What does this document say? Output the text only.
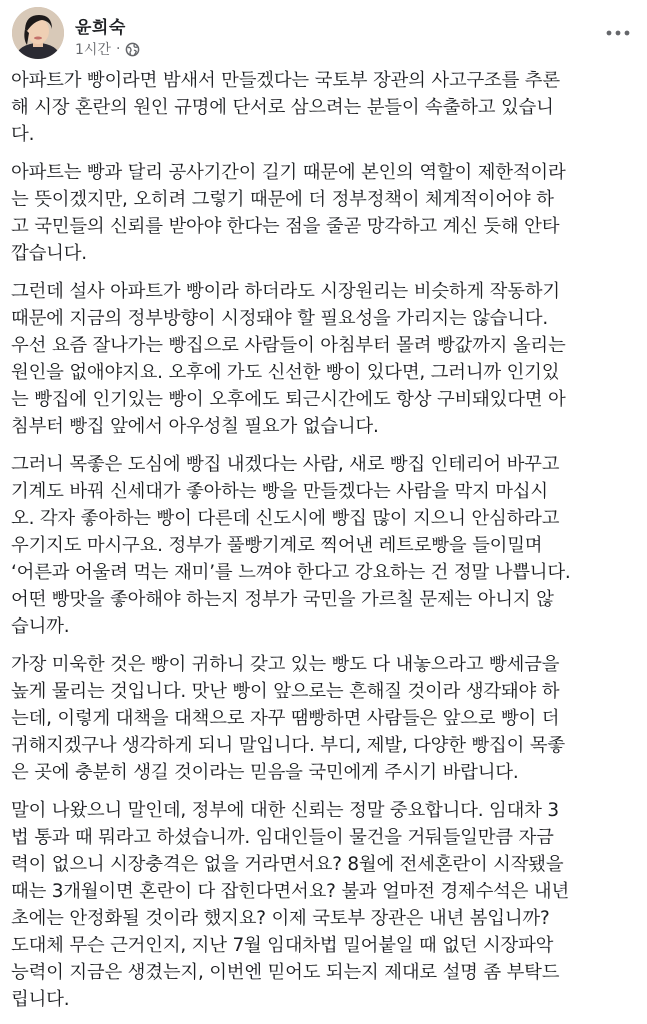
윤희숙
1시간 ·

아파트가 빵이라면 밤새서 만들겠다는 국토부 장관의 사고구조를 추론
해 시장 혼란의 원인 규명에 단서로 삼으려는 분들이 속출하고 있습니
다.

아파트는 빵과 달리 공사기간이 길기 때문에 본인의 역할이 제한적이라
는 뜻이겠지만, 오히려 그렇기 때문에 더 정부정책이 체계적이어야 하
고 국민들의 신뢰를 받아야 한다는 점을 줄곧 망각하고 계신 듯해 안타
깝습니다.

그런데 설사 아파트가 빵이라 하더라도 시장원리는 비슷하게 작동하기
때문에 지금의 정부방향이 시정돼야 할 필요성을 가리지는 않습니다.
우선 요즘 잘나가는 빵집으로 사람들이 아침부터 몰려 빵값까지 올리는
원인을 없애야지요. 오후에 가도 신선한 빵이 있다면, 그러니까 인기있
는 빵집에 인기있는 빵이 오후에도 퇴근시간에도 항상 구비돼있다면 아
침부터 빵집 앞에서 아우성칠 필요가 없습니다.

그러니 목좋은 도심에 빵집 내겠다는 사람, 새로 빵집 인테리어 바꾸고
기계도 바꿔 신세대가 좋아하는 빵을 만들겠다는 사람을 막지 마십시
오. 각자 좋아하는 빵이 다른데 신도시에 빵집 많이 지으니 안심하라고
우기지도 마시구요. 정부가 풀빵기계로 찍어낸 레트로빵을 들이밀며
‘어른과 어울려 먹는 재미’를 느껴야 한다고 강요하는 건 정말 나쁩니다.
어떤 빵맛을 좋아해야 하는지 정부가 국민을 가르칠 문제는 아니지 않
습니까.

가장 미욱한 것은 빵이 귀하니 갖고 있는 빵도 다 내놓으라고 빵세금을
높게 물리는 것입니다. 맛난 빵이 앞으로는 흔해질 것이라 생각돼야 하
는데, 이렇게 대책을 대책으로 자꾸 땜빵하면 사람들은 앞으로 빵이 더
귀해지겠구나 생각하게 되니 말입니다. 부디, 제발, 다양한 빵집이 목좋
은 곳에 충분히 생길 것이라는 믿음을 국민에게 주시기 바랍니다.

말이 나왔으니 말인데, 정부에 대한 신뢰는 정말 중요합니다. 임대차 3
법 통과 때 뭐라고 하셨습니까. 임대인들이 물건을 거둬들일만큼 자금
력이 없으니 시장충격은 없을 거라면서요? 8월에 전세혼란이 시작됐을
때는 3개월이면 혼란이 다 잡힌다면서요? 불과 얼마전 경제수석은 내년
초에는 안정화될 것이라 했지요? 이제 국토부 장관은 내년 봄입니까?
도대체 무슨 근거인지, 지난 7월 임대차법 밀어붙일 때 없던 시장파악
능력이 지금은 생겼는지, 이번엔 믿어도 되는지 제대로 설명 좀 부탁드
립니다.
